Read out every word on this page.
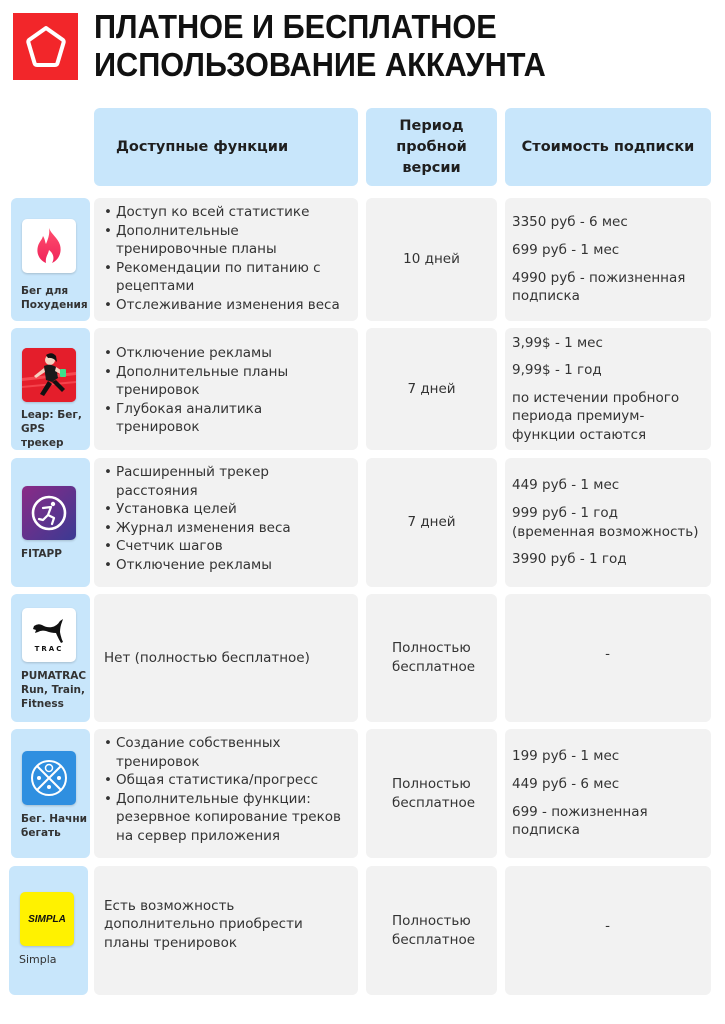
ПЛАТНОЕ И БЕСПЛАТНОЕ
ИСПОЛЬЗОВАНИЕ АККАУНТА
Доступные функции
Период
пробной
версии
Стоимость подписки
Бег для
Похудения
• Доступ ко всей статистике
• Дополнительные тренировочные планы
• Рекомендации по питанию с рецептами
• Отслеживание изменения веса
10 дней
3350 руб - 6 мес
699 руб - 1 мес
4990 руб - пожизненная подписка
Leap: Бег,
GPS трекер
• Отключение рекламы
• Дополнительные планы тренировок
• Глубокая аналитика тренировок
7 дней
3,99$ - 1 мес
9,99$ - 1 год
по истечении пробного периода премиум-функции остаются
FITAPP
• Расширенный трекер расстояния
• Установка целей
• Журнал изменения веса
• Счетчик шагов
• Отключение рекламы
7 дней
449 руб - 1 мес
999 руб - 1 год (временная возможность)
3990 руб - 1 год
TRAC
PUMATRAC
Run, Train,
Fitness
Нет (полностью бесплатное)
Полностью
бесплатное
-
Бег. Начни
бегать
• Создание собственных тренировок
• Общая статистика/прогресс
• Дополнительные функции: резервное копирование треков на сервер приложения
Полностью
бесплатное
199 руб - 1 мес
449 руб - 6 мес
699 - пожизненная подписка
SIMPLA
Simpla
Есть возможность дополнительно приобрести планы тренировок
Полностью
бесплатное
-
